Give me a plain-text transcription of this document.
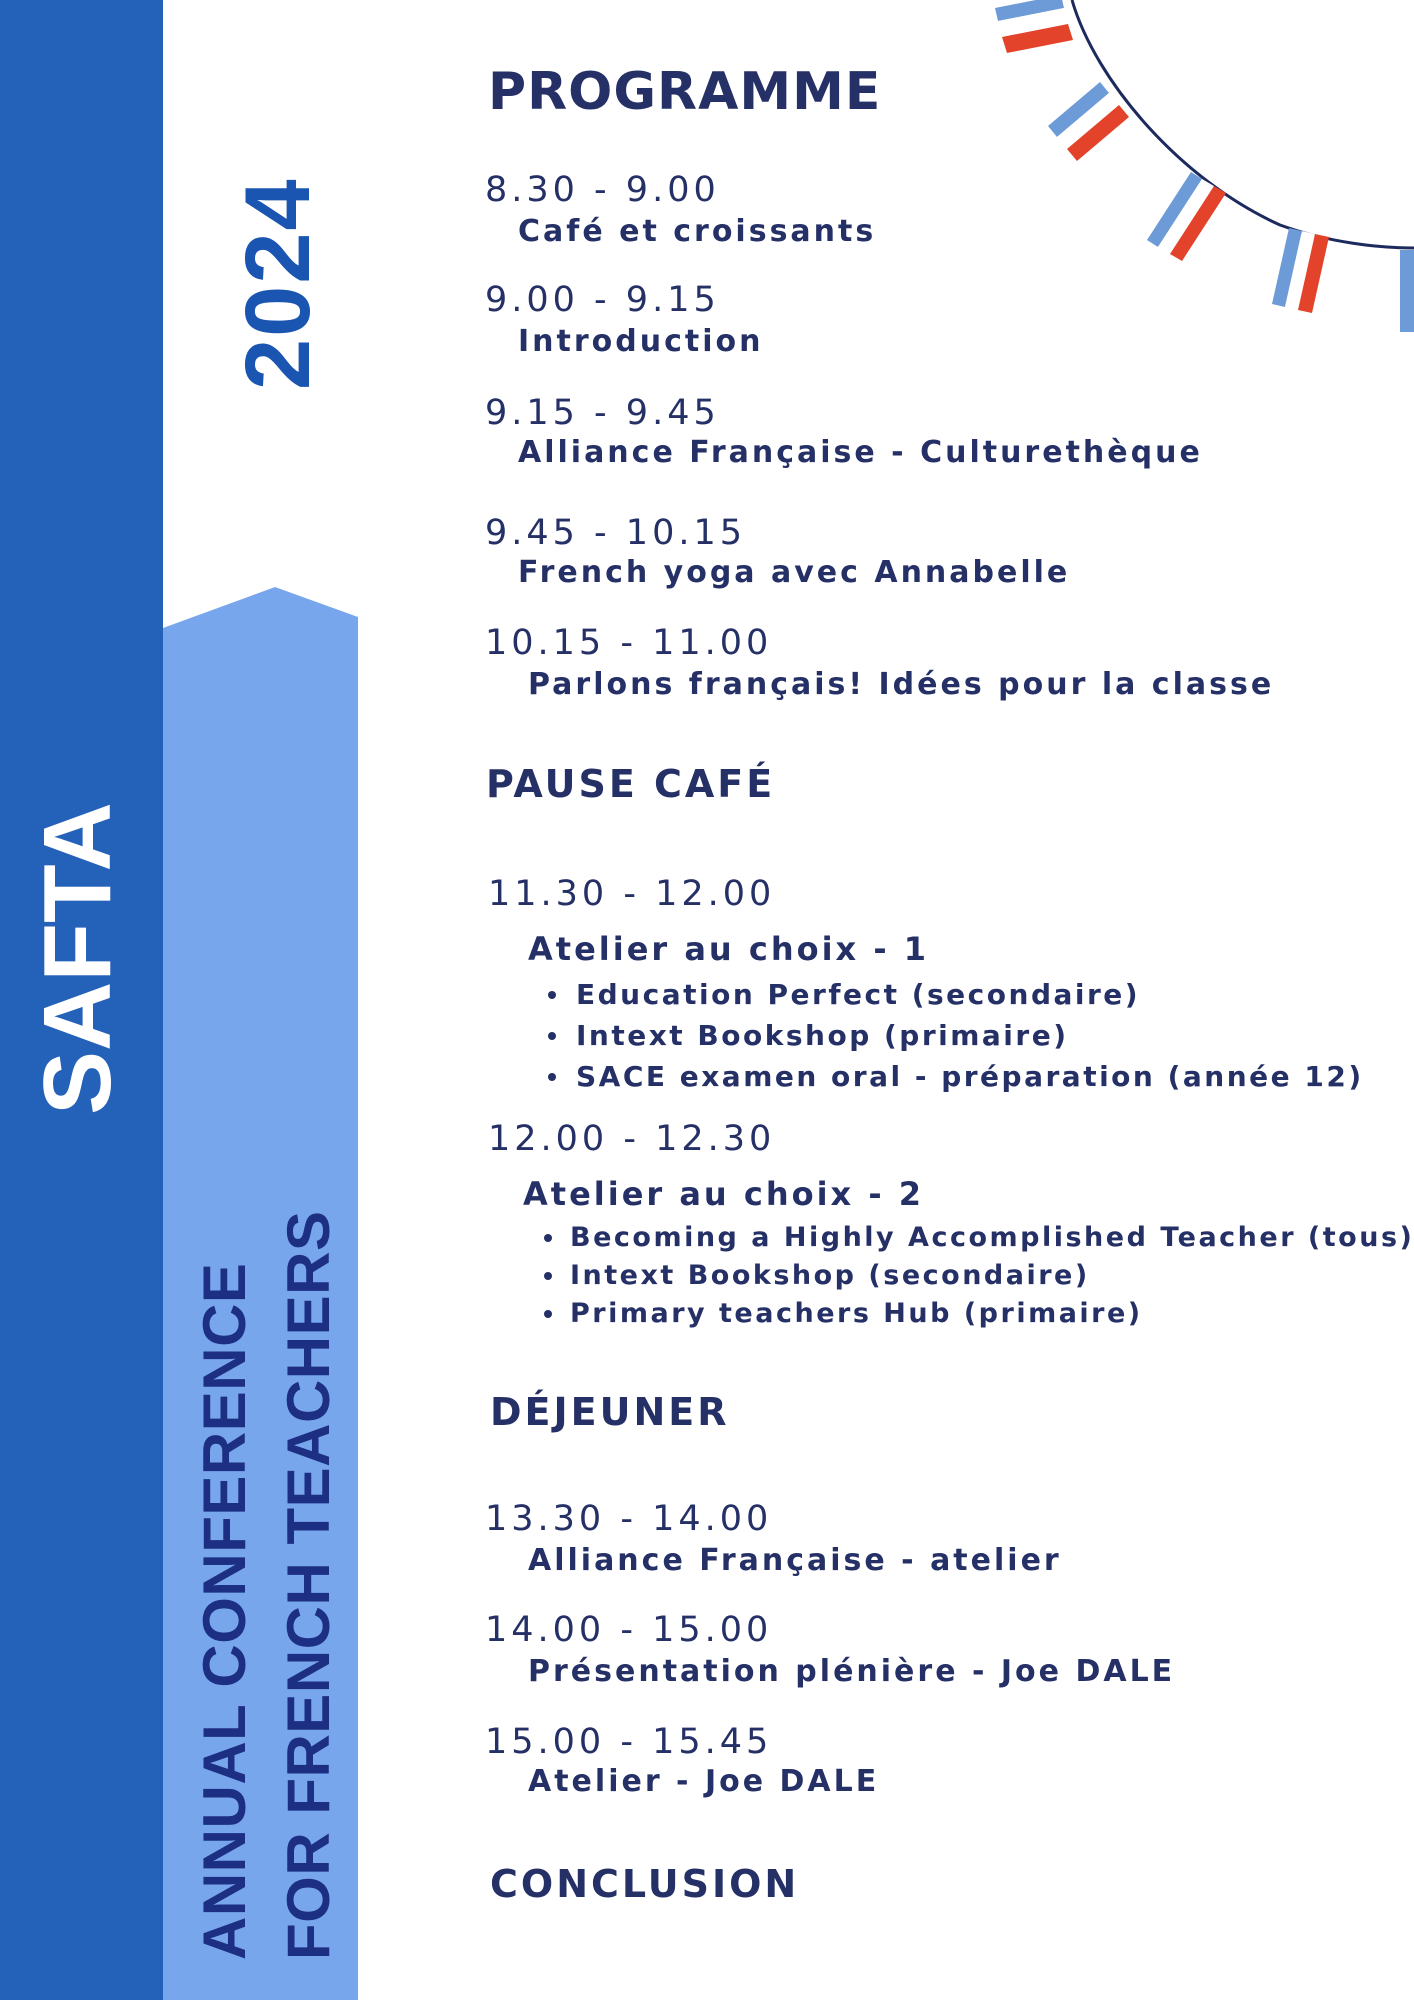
SAFTA
2024
ANNUAL CONFERENCE FOR FRENCH TEACHERS
PROGRAMME
8.30 - 9.00
Café et croissants
9.00 - 9.15
Introduction
9.15 - 9.45
Alliance Française - Culturethèque
9.45 - 10.15
French yoga avec Annabelle
10.15 - 11.00
Parlons français! Idées pour la classe
PAUSE CAFÉ
11.30 - 12.00
Atelier au choix - 1
Education Perfect (secondaire)
Intext Bookshop (primaire)
SACE examen oral - préparation (année 12)
12.00 - 12.30
Atelier au choix - 2
Becoming a Highly Accomplished Teacher (tous)
Intext Bookshop (secondaire)
Primary teachers Hub (primaire)
DÉJEUNER
13.30 - 14.00
Alliance Française - atelier
14.00 - 15.00
Présentation plénière - Joe DALE
15.00 - 15.45
Atelier - Joe DALE
CONCLUSION
